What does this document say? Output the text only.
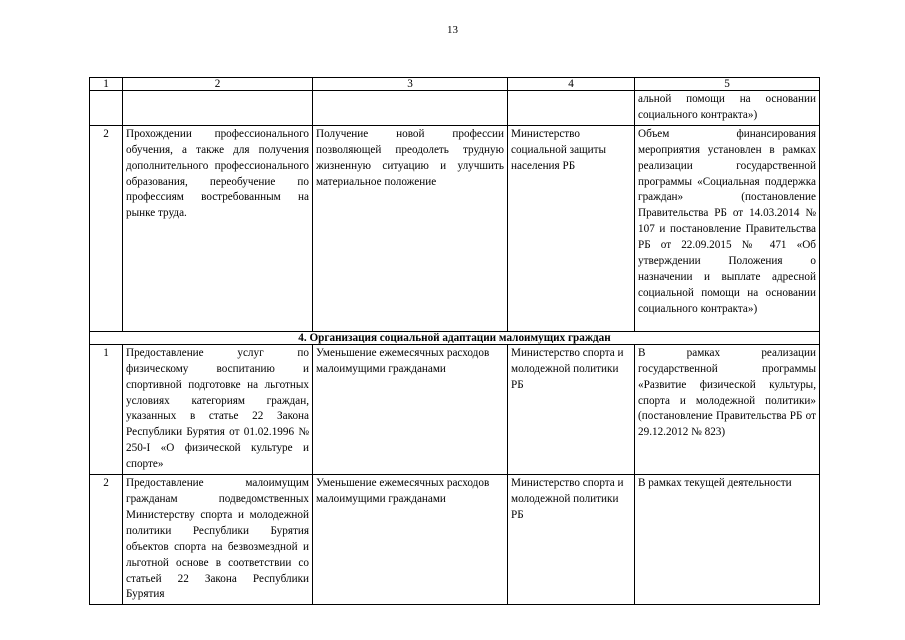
13
1	2	3	4	5
				альной помощи на основании социального контракта»)
2	Прохождении профессионального обучения, а также для получения дополнительного профессионального образования, переобучение по профессиям востребованным на рынке труда.	Получение новой профессии позволяющей преодолеть трудную жизненную ситуацию и улучшить материальное положение	Министерство социальной защиты населения РБ	Объем финансирования мероприятия установлен в рамках реализации государственной программы «Социальная поддержка граждан» (постановление Правительства РБ от 14.03.2014 № 107 и постановление Правительства РБ от 22.09.2015 № 471 «Об утверждении Положения о назначении и выплате адресной социальной помощи на основании социального контракта»)
4. Организация социальной адаптации малоимущих граждан				
1	Предоставление услуг по физическому воспитанию и спортивной подготовке на льготных условиях категориям граждан, указанных в статье 22 Закона Республики Бурятия от 01.02.1996 № 250-I «О физической культуре и спорте»	Уменьшение ежемесячных расходов малоимущими гражданами	Министерство спорта и молодежной политики РБ	В рамках реализации государственной программы «Развитие физической культуры, спорта и молодежной политики» (постановление Правительства РБ от 29.12.2012 № 823)
2	Предоставление малоимущим гражданам подведомственных Министерству спорта и молодежной политики Республики Бурятия объектов спорта на безвозмездной и льготной основе в соответствии со статьей 22 Закона Республики Бурятия	Уменьшение ежемесячных расходов малоимущими гражданами	Министерство спорта и молодежной политики РБ	В рамках текущей деятельности
